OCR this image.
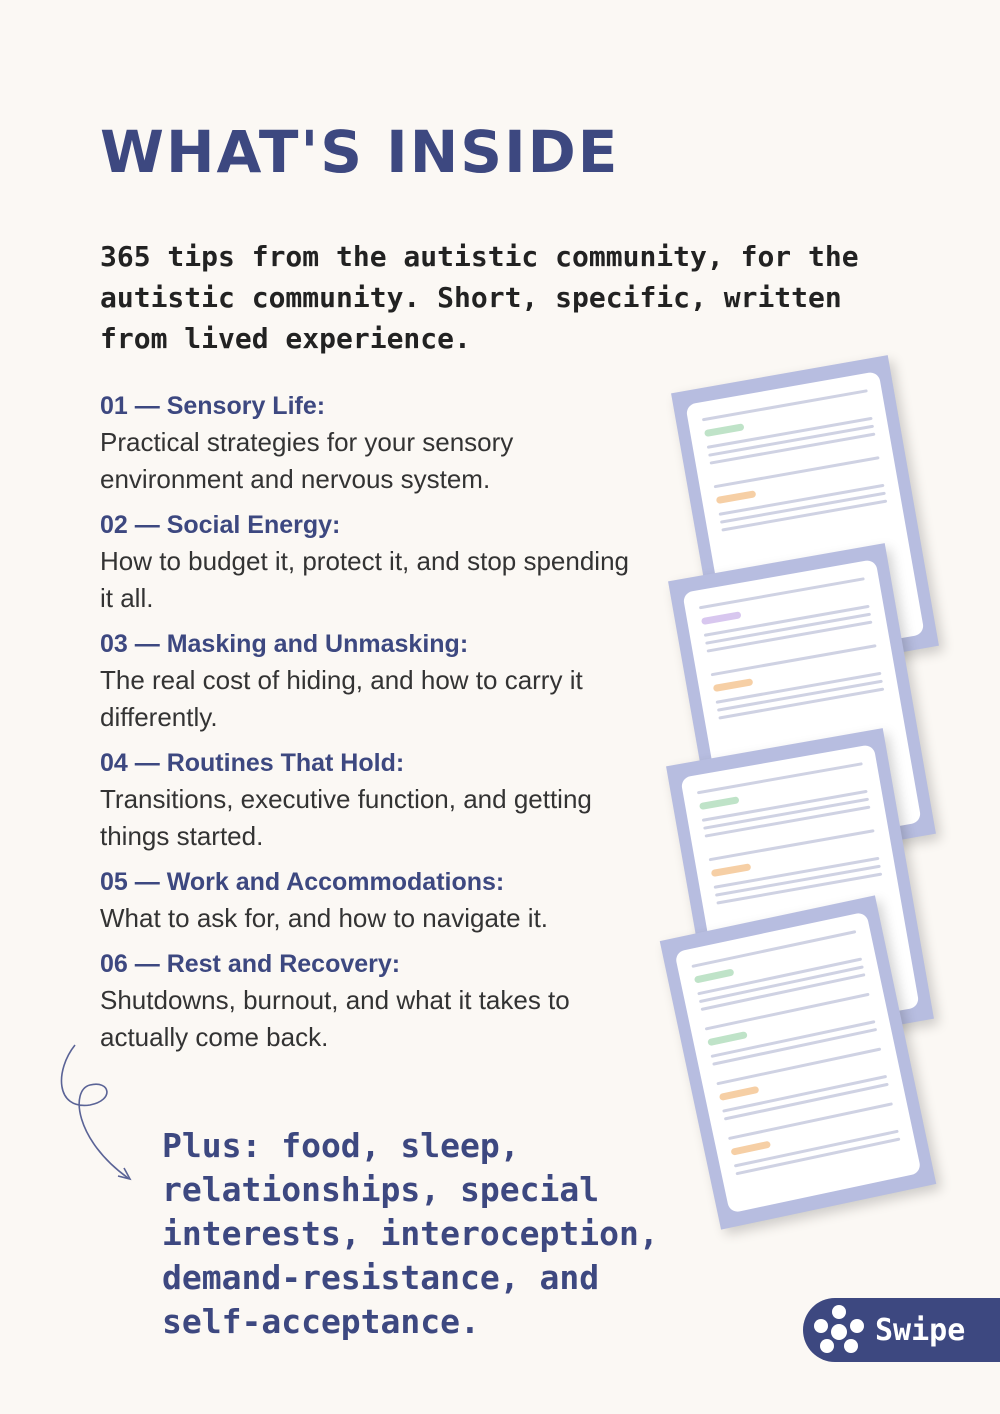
WHAT'S INSIDE

365 tips from the autistic community, for the autistic community. Short, specific, written from lived experience.

01 — Sensory Life:
Practical strategies for your sensory environment and nervous system.
02 — Social Energy:
How to budget it, protect it, and stop spending it all.
03 — Masking and Unmasking:
The real cost of hiding, and how to carry it differently.
04 — Routines That Hold:
Transitions, executive function, and getting things started.
05 — Work and Accommodations:
What to ask for, and how to navigate it.
06 — Rest and Recovery:
Shutdowns, burnout, and what it takes to actually come back.

Plus: food, sleep, relationships, special interests, interoception, demand-resistance, and self-acceptance.	Swipe
